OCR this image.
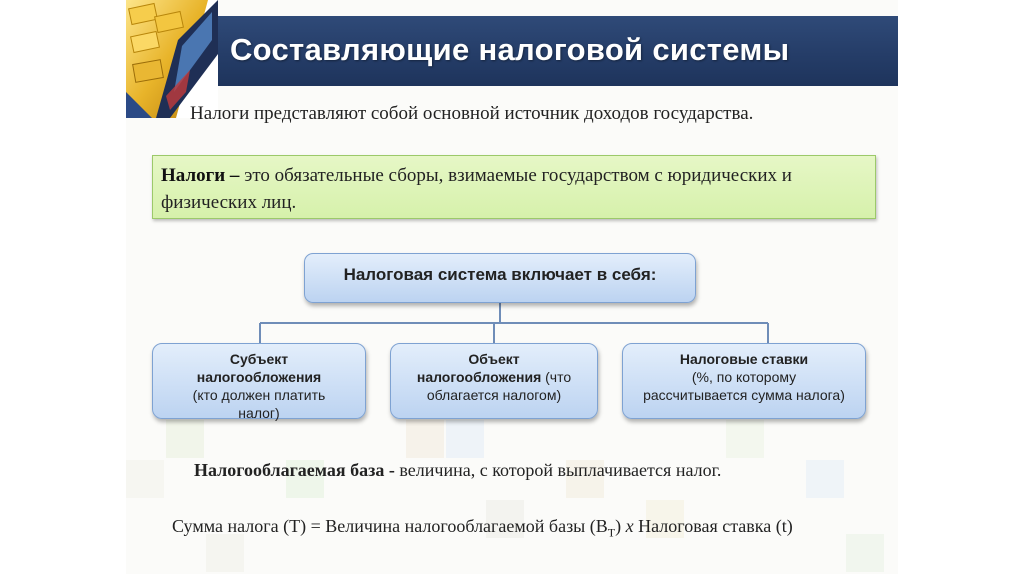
Составляющие налоговой системы
Налоги представляют собой основной источник доходов государства.
Налоги – это обязательные сборы, взимаемые государством с юридических и физических лиц.
Налоговая система включает в себя:
Субъект
налогообложения
(кто должен платить налог)
Объект
налогообложения (что
облагается налогом)
Налоговые ставки
(%, по которому
рассчитывается сумма налога)
Налогооблагаемая база - величина, с которой выплачивается налог.
Сумма налога (T) = Величина налогооблагаемой базы $(B_T)$ x Налоговая ставка (t)
